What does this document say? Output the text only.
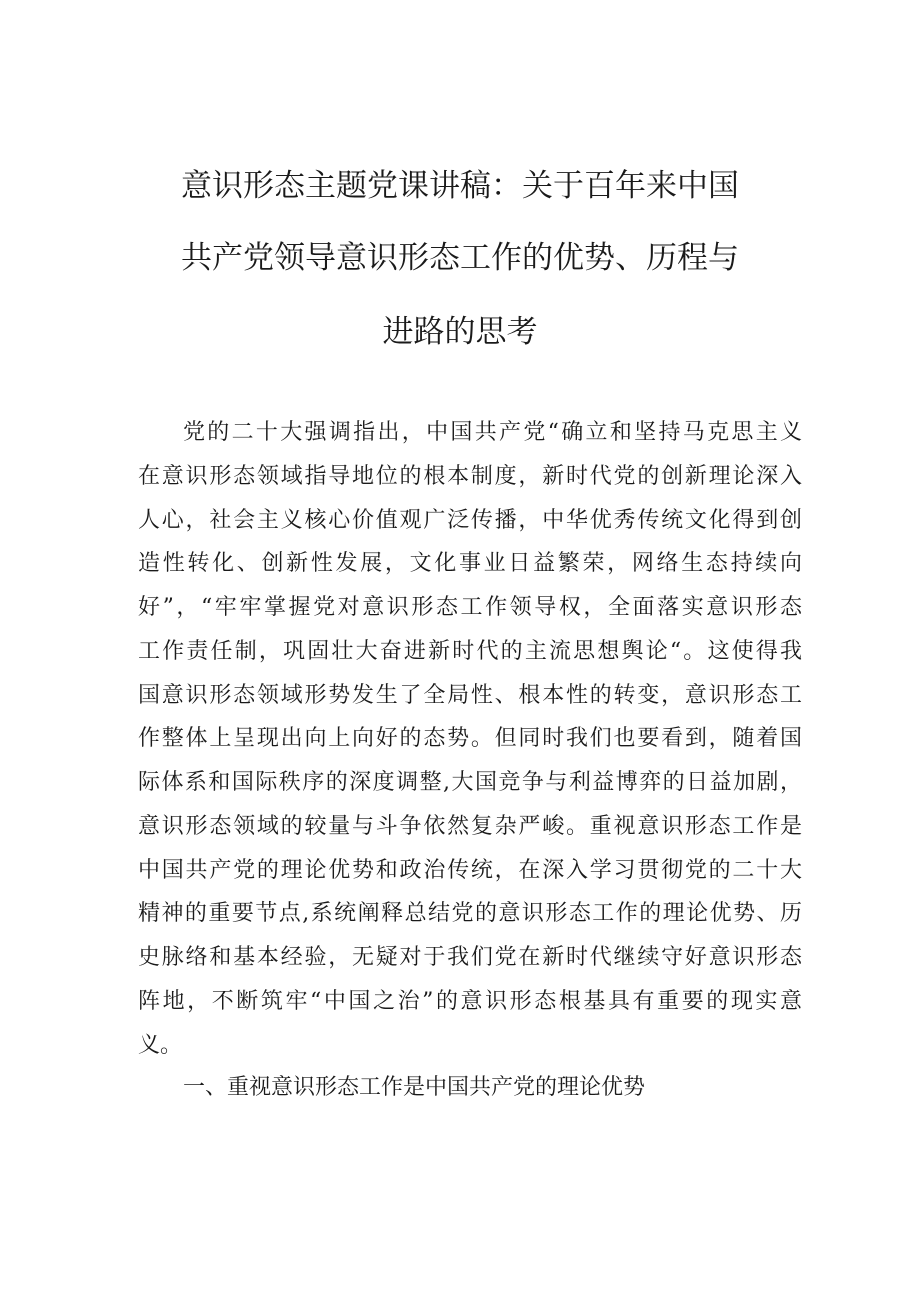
意识形态主题党课讲稿：关于百年来中国
共产党领导意识形态工作的优势、历程与
进路的思考
党的二十大强调指出，中国共产党“确立和坚持马克思主义
在意识形态领域指导地位的根本制度，新时代党的创新理论深入
人心，社会主义核心价值观广泛传播，中华优秀传统文化得到创
造性转化、创新性发展，文化事业日益繁荣，网络生态持续向
好”，“牢牢掌握党对意识形态工作领导权，全面落实意识形态
工作责任制，巩固壮大奋进新时代的主流思想舆论“。这使得我
国意识形态领域形势发生了全局性、根本性的转变，意识形态工
作整体上呈现出向上向好的态势。但同时我们也要看到，随着国
际体系和国际秩序的深度调整,大国竞争与利益博弈的日益加剧，
意识形态领域的较量与斗争依然复杂严峻。重视意识形态工作是
中国共产党的理论优势和政治传统，在深入学习贯彻党的二十大
精神的重要节点,系统阐释总结党的意识形态工作的理论优势、历
史脉络和基本经验，无疑对于我们党在新时代继续守好意识形态
阵地，不断筑牢“中国之治”的意识形态根基具有重要的现实意
义。
一、重视意识形态工作是中国共产党的理论优势
